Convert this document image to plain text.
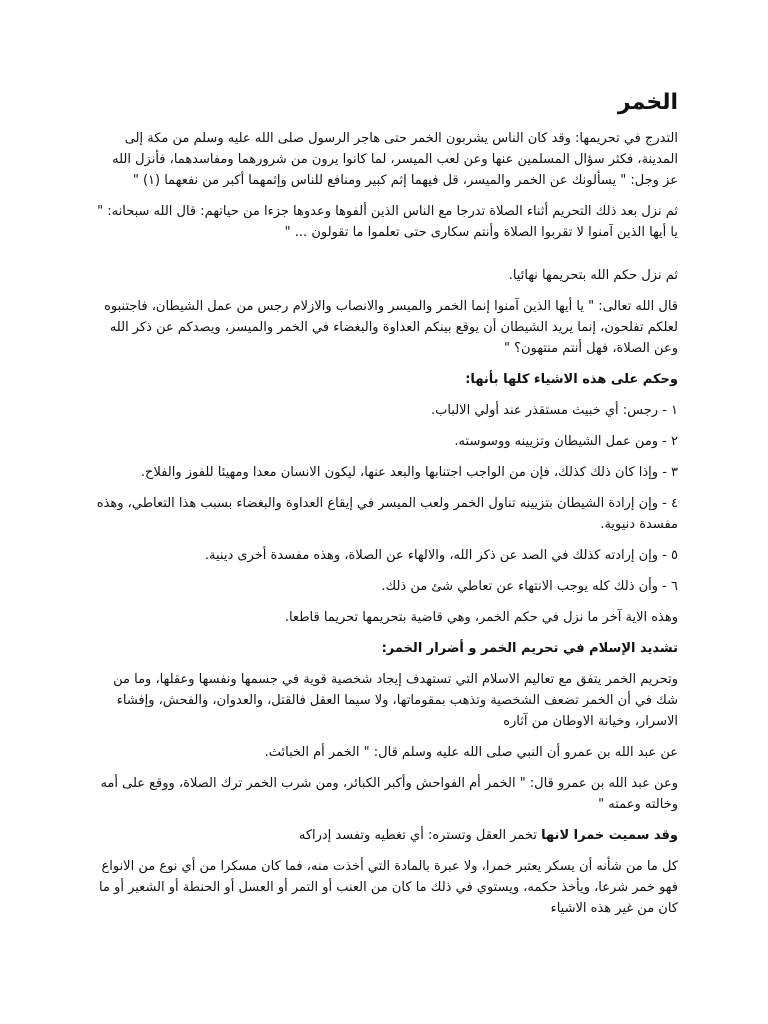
الخمر

التدرج في تحريمها: وقد كان الناس يشربون الخمر حتى هاجر الرسول صلى الله عليه وسلم من مكة إلى المدينة، فكثر سؤال المسلمين عنها وعن لعب الميسر، لما كانوا يرون من شرورهما ومفاسدهما، فأنزل الله عز وجل: " يسألونك عن الخمر والميسر، قل فيهما إثم كبير ومنافع للناس وإثمهما أكبر من نفعهما (١) "

ثم نزل بعد ذلك التحريم أثناء الصلاة تدرجا مع الناس الذين ألفوها وعدوها جزءا من حياتهم: قال الله سبحانه: " يا أيها الذين آمنوا لا تقربوا الصلاة وأنتم سكارى حتى تعلموا ما تقولون ... "

ثم نزل حكم الله بتحريمها نهائيا.

قال الله تعالى: " يا أيها الذين آمنوا إنما الخمر والميسر والانصاب والازلام رجس من عمل الشيطان، فاجتنبوه لعلكم تفلحون، إنما يريد الشيطان أن يوقع بينكم العداوة والبغضاء في الخمر والميسر، ويصدكم عن ذكر الله وعن الصلاة، فهل أنتم منتهون؟ "

وحكم على هذه الاشياء كلها بأنها:

١ - رجس: أي خبيث مستقذر عند أولي الالباب.

٢ - ومن عمل الشيطان وتزيينه ووسوسته.

٣ - وإذا كان ذلك كذلك، فإن من الواجب اجتنابها والبعد عنها، ليكون الانسان معدا ومهيئا للفوز والفلاح.

٤ - وإن إرادة الشيطان بتزيينه تناول الخمر ولعب الميسر في إيقاع العداوة والبغضاء بسبب هذا التعاطي، وهذه مفسدة دنيوية.

٥ - وإن إرادته كذلك في الصد عن ذكر الله، والالهاء عن الصلاة، وهذه مفسدة أخرى دينية.

٦ - وأن ذلك كله يوجب الانتهاء عن تعاطي شئ من ذلك.

وهذه الاية آخر ما نزل في حكم الخمر، وهي قاضية بتحريمها تحريما قاطعا.

تشديد الإسلام في تحريم الخمر و أضرار الخمر:

وتحريم الخمر يتفق مع تعاليم الاسلام التي تستهدف إيجاد شخصية قوية في جسمها ونفسها وعقلها، وما من شك في أن الخمر تضعف الشخصية وتذهب بمقوماتها، ولا سيما العقل فالقتل، والعدوان، والفحش، وإفشاء الاسرار، وخيانة الاوطان من آثاره

عن عبد الله بن عمرو أن النبي صلى الله عليه وسلم قال: " الخمر أم الخبائث.

وعن عبد الله بن عمرو قال: " الخمر أم الفواحش وأكبر الكبائر، ومن شرب الخمر ترك الصلاة، ووقع على أمه وخالته وعمته "

وقد سميت خمرا لانها تخمر العقل وتستره: أي تغطيه وتفسد إدراكه

كل ما من شأنه أن يسكر يعتبر خمرا، ولا عبرة بالمادة التي أخذت منه، فما كان مسكرا من أي نوع من الانواع فهو خمر شرعا، ويأخذ حكمه، ويستوي في ذلك ما كان من العنب أو التمر أو العسل أو الحنطة أو الشعير أو ما كان من غير هذه الاشياء
